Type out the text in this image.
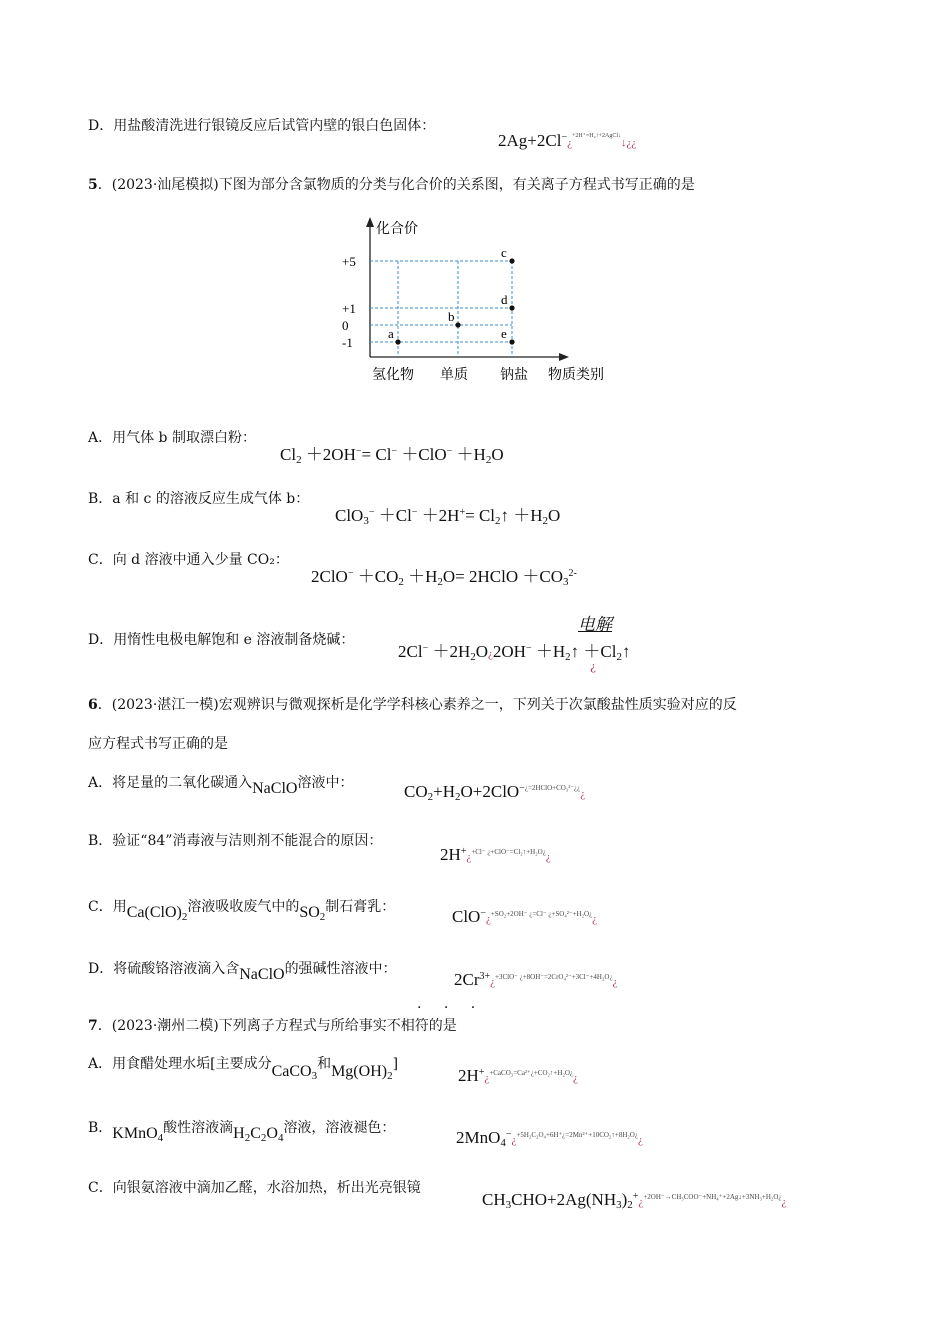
D．用盐酸清洗进行银镜反应后试管内壁的银白色固体：
2Ag+2Cl−¿$^{+2H^+=H_2↑+2AgCl↓}$↓¿¿
5．(2023·汕尾模拟)下图为部分含氯物质的分类与化合价的关系图，有关离子方程式书写正确的是
a
b
c
d
e
化合价
物质类别
+5
+1
0
-1
氢化物 单质 钠盐
A．用气体 b 制取漂白粉：
$Cl_2 +2OH^-= Cl^- +ClO^- +H_2O$
B．a 和 c 的溶液反应生成气体 b：
$ClO_3^- +Cl^- +2H^+= Cl_2↑ +H_2O$
C．向 d 溶液中通入少量 CO₂：
$2ClO^- +CO_2 +H_2O=$ 2HClO $+CO_3^{2-}$
D．用惰性电极电解饱和 e 溶液制备烧碱：
电解
$2Cl^- +2H_2O¿2OH^-$ $+H_2↑$ $+Cl_2↑$
¿
6．(2023·湛江一模)宏观辨识与微观探析是化学学科核心素养之一，下列关于次氯酸盐性质实验对应的反
应方程式书写正确的是
A．将足量的二氧化碳通入NaClO溶液中：	$CO_2+H_2O+2ClO^{-¿=2HClO+CO_3^{2-}¿¿}¿$
B．验证“84”消毒液与洁则剂不能混合的原因：
2H+¿$^{+Cl^- ¿+ClO^-=Cl_2↑+H_2O¿}$¿
C．用$Ca(ClO)_2$溶液吸收废气中的$SO_2$制石膏乳：	ClO−¿$^{+SO_2+2OH^- ¿=Cl^- ¿+SO_4^{2-}+H_2O¿}$¿
D．将硫酸铬溶液滴入含NaClO的强碱性溶液中：
$2Cr^{3+}¿^{+3ClO^- ¿+8OH^-=2CrO_4^{2-}+3Cl^-+4H_2O¿}¿$
· · ·
7．(2023·潮州二模)下列离子方程式与所给事实不相符的是
A．用食醋处理水垢[主要成分CaCO$_3$和$Mg(OH)_2$]
2H+¿$^{+CaCO_3=Ca^{2+}¿+CO_2↑+H_2O¿}$¿
B．KMnO$_4$酸性溶液滴$H_2C_2O_4$溶液，溶液褪色：	2MnO$_4$−¿$^{+5H_2C_2O_4+6H^+¿=2Mn^{2+}+10CO_2↑+8H_2O¿}$¿
C．向银氨溶液中滴加乙醛，水浴加热，析出光亮银镜
$CH_3CHO+2Ag(NH_3)_2^+¿^{+2OH^-\to CH_3COO^-+NH_4^++2Ag↓+3NH_3+H_2O¿}¿$
